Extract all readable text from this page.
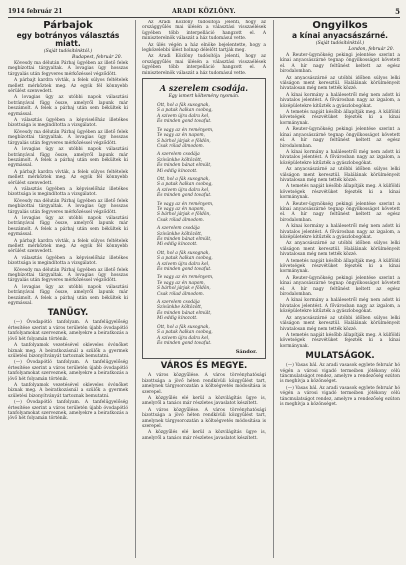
1914 február 21	ARADI KÖZLÖNY.	5
Párbajok
egy botrányos választás miatt.
(Saját tudósítónktól.)
Budapest, február 20.

Kövesdy ma délután Párbaj ügyében az illető felek megbízottai tárgyaltak. A lovagias ügy hosszas tárgyalás után fegyveres mérkőzéssel végződött.

A párbajt kardra vívták, a felek súlyos feltételek mellett mérkőztek meg. Az egyik fél könnyebb sérülést szenvedett.

A lovagias ügy az utóbbi napok választási botrányával függ össze, amelyről lapunk már beszámolt. A felek a párbaj után sem békültek ki egymással.

A választás ügyében a képviselőház illetékes bizottsága is megindította a vizsgálatot.

Kövesdy ma délután Párbaj ügyében az illető felek megbízottai tárgyaltak. A lovagias ügy hosszas tárgyalás után fegyveres mérkőzéssel végződött.

A lovagias ügy az utóbbi napok választási botrányával függ össze, amelyről lapunk már beszámolt. A felek a párbaj után sem békültek ki egymással.

A párbajt kardra vívták, a felek súlyos feltételek mellett mérkőztek meg. Az egyik fél könnyebb sérülést szenvedett.

A választás ügyében a képviselőház illetékes bizottsága is megindította a vizsgálatot.

Kövesdy ma délután Párbaj ügyében az illető felek megbízottai tárgyaltak. A lovagias ügy hosszas tárgyalás után fegyveres mérkőzéssel végződött.

A lovagias ügy az utóbbi napok választási botrányával függ össze, amelyről lapunk már beszámolt. A felek a párbaj után sem békültek ki egymással.

A párbajt kardra vívták, a felek súlyos feltételek mellett mérkőztek meg. Az egyik fél könnyebb sérülést szenvedett.

A választás ügyében a képviselőház illetékes bizottsága is megindította a vizsgálatot.

Kövesdy ma délután Párbaj ügyében az illető felek megbízottai tárgyaltak. A lovagias ügy hosszas tárgyalás után fegyveres mérkőzéssel végződött.

A lovagias ügy az utóbbi napok választási botrányával függ össze, amelyről lapunk már beszámolt. A felek a párbaj után sem békültek ki egymással.

TANÜGY.

(—) Óvodapótló tanfolyam. A tanfelügyelőség értesítése szerint a város területén újabb óvodapótló tanfolyamokat szerveznek, amelyekre a beiratkozás a jövő hét folyamán történik.

A tanfolyamok vezetésével okleveles óvónőket bíznak meg. A beiratkozásnál a szülők a gyermek születési bizonyítványát tartoznak bemutatni.

(—) Óvodapótló tanfolyam. A tanfelügyelőség értesítése szerint a város területén újabb óvodapótló tanfolyamokat szerveznek, amelyekre a beiratkozás a jövő hét folyamán történik.

A tanfolyamok vezetésével okleveles óvónőket bíznak meg. A beiratkozásnál a szülők a gyermek születési bizonyítványát tartoznak bemutatni.

(—) Óvodapótló tanfolyam. A tanfelügyelőség értesítése szerint a város területén újabb óvodapótló tanfolyamokat szerveznek, amelyekre a beiratkozás a jövő hét folyamán történik.

Az Aradi Közlöny tudósítója jelenti, hogy az országgyűlés mai ülésén a választási visszaélések ügyében több interpelláció hangzott el. A miniszterelnök válaszát a ház tudomásul vette.

Az ülés végén a ház elnöke bejelentette, hogy a legközelebbi ülést holnap délelőtt tartják meg.

Az Aradi Közlöny tudósítója jelenti, hogy az országgyűlés mai ülésén a választási visszaélések ügyében több interpelláció hangzott el. A miniszterelnök válaszát a ház tudomásul vette.

A szerelem csodája.
Egy ismert költemény nyomán.
Ott, hol a fák susognak,
S a patak halkan csobog,
A szivem újra dalra kel,
És minden gond tovafut.
Te vagy az én reményem,
Te vagy az én napom,
S bárhol járjak e földön,
Csak rólad álmodom.
A szerelem csodája
Szívünkbe költözött,
És minden bánat elmúlt,
Mi eddig kínozott.
Ott, hol a fák susognak,
S a patak halkan csobog,
A szivem újra dalra kel,
És minden gond tovafut.
Te vagy az én reményem,
Te vagy az én napom,
S bárhol járjak e földön,
Csak rólad álmodom.
A szerelem csodája
Szívünkbe költözött,
És minden bánat elmúlt,
Mi eddig kínozott.
Ott, hol a fák susognak,
S a patak halkan csobog,
A szivem újra dalra kel,
És minden gond tovafut.
Te vagy az én reményem,
Te vagy az én napom,
S bárhol járjak e földön,
Csak rólad álmodom.
A szerelem csodája
Szívünkbe költözött,
És minden bánat elmúlt,
Mi eddig kínozott.
Ott, hol a fák susognak,
S a patak halkan csobog,
A szivem újra dalra kel,
És minden gond tovafut.
Sándor.
VÁROS ÉS MEGYE.

A város közgyűlése. A város törvényhatósági bizottsága a jövő héten rendkívüli közgyűlést tart, amelynek tárgysorozatán a költségvetés módosítása is szerepel.

A közgyűlés elé kerül a közvilágítás ügye is, amelyről a tanács már részletes javaslatot készített.

A város közgyűlése. A város törvényhatósági bizottsága a jövő héten rendkívüli közgyűlést tart, amelynek tárgysorozatán a költségvetés módosítása is szerepel.

A közgyűlés elé kerül a közvilágítás ügye is, amelyről a tanács már részletes javaslatot készített.

Öngyilkos
a kínai anyacsászárné.
(Saját tudósítónktól.)
London, február 20.

A Reuter-ügynökség pekingi jelentése szerint a kínai anyacsászárné tegnap öngyilkosságot követett el. A hír nagy feltűnést keltett az egész birodalomban.

Az anyacsászárné az utóbbi időben súlyos lelki válságon ment keresztül. Halálának körülményeit hivatalosan még nem tették közzé.

A kínai kormány a halálesetről még nem adott ki hivatalos jelentést. A fővárosban nagy az izgalom, a középületekre kitűzték a gyászlobogókat.

A temetés napját később állapítják meg. A külföldi követségek részvétüket fejezték ki a kínai kormánynak.

A Reuter-ügynökség pekingi jelentése szerint a kínai anyacsászárné tegnap öngyilkosságot követett el. A hír nagy feltűnést keltett az egész birodalomban.

A kínai kormány a halálesetről még nem adott ki hivatalos jelentést. A fővárosban nagy az izgalom, a középületekre kitűzték a gyászlobogókat.

Az anyacsászárné az utóbbi időben súlyos lelki válságon ment keresztül. Halálának körülményeit hivatalosan még nem tették közzé.

A temetés napját később állapítják meg. A külföldi követségek részvétüket fejezték ki a kínai kormánynak.

A Reuter-ügynökség pekingi jelentése szerint a kínai anyacsászárné tegnap öngyilkosságot követett el. A hír nagy feltűnést keltett az egész birodalomban.

A kínai kormány a halálesetről még nem adott ki hivatalos jelentést. A fővárosban nagy az izgalom, a középületekre kitűzték a gyászlobogókat.

Az anyacsászárné az utóbbi időben súlyos lelki válságon ment keresztül. Halálának körülményeit hivatalosan még nem tették közzé.

A temetés napját később állapítják meg. A külföldi követségek részvétüket fejezték ki a kínai kormánynak.

A Reuter-ügynökség pekingi jelentése szerint a kínai anyacsászárné tegnap öngyilkosságot követett el. A hír nagy feltűnést keltett az egész birodalomban.

A kínai kormány a halálesetről még nem adott ki hivatalos jelentést. A fővárosban nagy az izgalom, a középületekre kitűzték a gyászlobogókat.

Az anyacsászárné az utóbbi időben súlyos lelki válságon ment keresztül. Halálának körülményeit hivatalosan még nem tették közzé.

A temetés napját később állapítják meg. A külföldi követségek részvétüket fejezték ki a kínai kormánynak.

MULATSÁGOK.

(—) Vasas bál. Az aradi vasasok egylete február hó végén a városi vigadó termeiben jótékony célú táncmulatságot rendez, amelyre a rendezőség ezúton is meghívja a közönséget.

(—) Vasas bál. Az aradi vasasok egylete február hó végén a városi vigadó termeiben jótékony célú táncmulatságot rendez, amelyre a rendezőség ezúton is meghívja a közönséget.
